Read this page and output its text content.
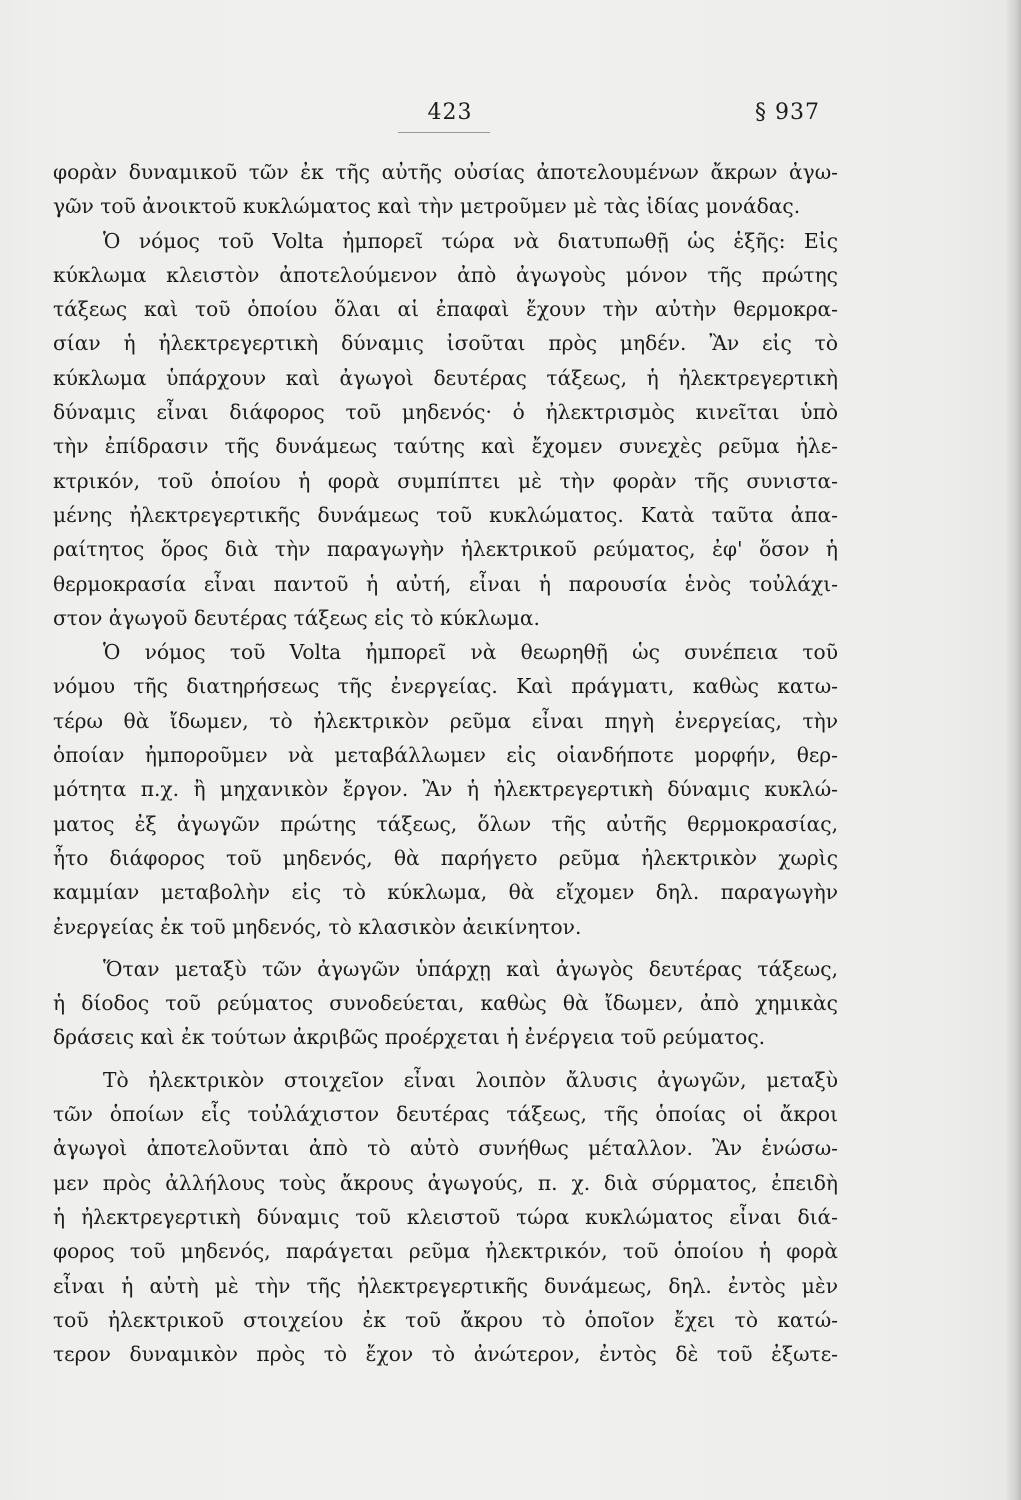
423	§ 937
φορὰν δυναμικοῦ τῶν ἐκ τῆς αὐτῆς οὐσίας ἀποτελουμένων ἄκρων ἀγω-
γῶν τοῦ ἀνοικτοῦ κυκλώματος καὶ τὴν μετροῦμεν μὲ τὰς ἰδίας μονάδας.
Ὁ νόμος τοῦ Volta ἠμπορεῖ τώρα νὰ διατυπωθῇ ὡς ἑξῆς: Εἰς
κύκλωμα κλειστὸν ἀποτελούμενον ἀπὸ ἀγωγοὺς μόνον τῆς πρώτης
τάξεως καὶ τοῦ ὁποίου ὅλαι αἱ ἐπαφαὶ ἔχουν τὴν αὐτὴν θερμοκρα-
σίαν ἡ ἠλεκτρεγερτικὴ δύναμις ἰσοῦται πρὸς μηδέν. Ἂν εἰς τὸ
κύκλωμα ὑπάρχουν καὶ ἀγωγοὶ δευτέρας τάξεως, ἡ ἠλεκτρεγερτικὴ
δύναμις εἶναι διάφορος τοῦ μηδενός· ὁ ἠλεκτρισμὸς κινεῖται ὑπὸ
τὴν ἐπίδρασιν τῆς δυνάμεως ταύτης καὶ ἔχομεν συνεχὲς ρεῦμα ἠλε-
κτρικόν, τοῦ ὁποίου ἡ φορὰ συμπίπτει μὲ τὴν φορὰν τῆς συνιστα-
μένης ἠλεκτρεγερτικῆς δυνάμεως τοῦ κυκλώματος. Κατὰ ταῦτα ἀπα-
ραίτητος ὅρος διὰ τὴν παραγωγὴν ἠλεκτρικοῦ ρεύματος, ἐφ' ὅσον ἡ
θερμοκρασία εἶναι παντοῦ ἡ αὐτή, εἶναι ἡ παρουσία ἑνὸς τοὐλάχι-
στον ἀγωγοῦ δευτέρας τάξεως εἰς τὸ κύκλωμα.
Ὁ νόμος τοῦ Volta ἠμπορεῖ νὰ θεωρηθῇ ὡς συνέπεια τοῦ
νόμου τῆς διατηρήσεως τῆς ἐνεργείας. Καὶ πράγματι, καθὼς κατω-
τέρω θὰ ἴδωμεν, τὸ ἠλεκτρικὸν ρεῦμα εἶναι πηγὴ ἐνεργείας, τὴν
ὁποίαν ἠμποροῦμεν νὰ μεταβάλλωμεν εἰς οἱανδήποτε μορφήν, θερ-
μότητα π.χ. ἢ μηχανικὸν ἔργον. Ἂν ἡ ἠλεκτρεγερτικὴ δύναμις κυκλώ-
ματος ἐξ ἀγωγῶν πρώτης τάξεως, ὅλων τῆς αὐτῆς θερμοκρασίας,
ἦτο διάφορος τοῦ μηδενός, θὰ παρήγετο ρεῦμα ἠλεκτρικὸν χωρὶς
καμμίαν μεταβολὴν εἰς τὸ κύκλωμα, θὰ εἴχομεν δηλ. παραγωγὴν
ἐνεργείας ἐκ τοῦ μηδενός, τὸ κλασικὸν ἀεικίνητον.
Ὅταν μεταξὺ τῶν ἀγωγῶν ὑπάρχῃ καὶ ἀγωγὸς δευτέρας τάξεως,
ἡ δίοδος τοῦ ρεύματος συνοδεύεται, καθὼς θὰ ἴδωμεν, ἀπὸ χημικὰς
δράσεις καὶ ἐκ τούτων ἀκριβῶς προέρχεται ἡ ἐνέργεια τοῦ ρεύματος.
Τὸ ἠλεκτρικὸν στοιχεῖον εἶναι λοιπὸν ἄλυσις ἀγωγῶν, μεταξὺ
τῶν ὁποίων εἷς τοὐλάχιστον δευτέρας τάξεως, τῆς ὁποίας οἱ ἄκροι
ἀγωγοὶ ἀποτελοῦνται ἀπὸ τὸ αὐτὸ συνήθως μέταλλον. Ἂν ἑνώσω-
μεν πρὸς ἀλλήλους τοὺς ἄκρους ἀγωγούς, π. χ. διὰ σύρματος, ἐπειδὴ
ἡ ἠλεκτρεγερτικὴ δύναμις τοῦ κλειστοῦ τώρα κυκλώματος εἶναι διά-
φορος τοῦ μηδενός, παράγεται ρεῦμα ἠλεκτρικόν, τοῦ ὁποίου ἡ φορὰ
εἶναι ἡ αὐτὴ μὲ τὴν τῆς ἠλεκτρεγερτικῆς δυνάμεως, δηλ. ἐντὸς μὲν
τοῦ ἠλεκτρικοῦ στοιχείου ἐκ τοῦ ἄκρου τὸ ὁποῖον ἔχει τὸ κατώ-
τερον δυναμικὸν πρὸς τὸ ἔχον τὸ ἀνώτερον, ἐντὸς δὲ τοῦ ἐξωτε-
